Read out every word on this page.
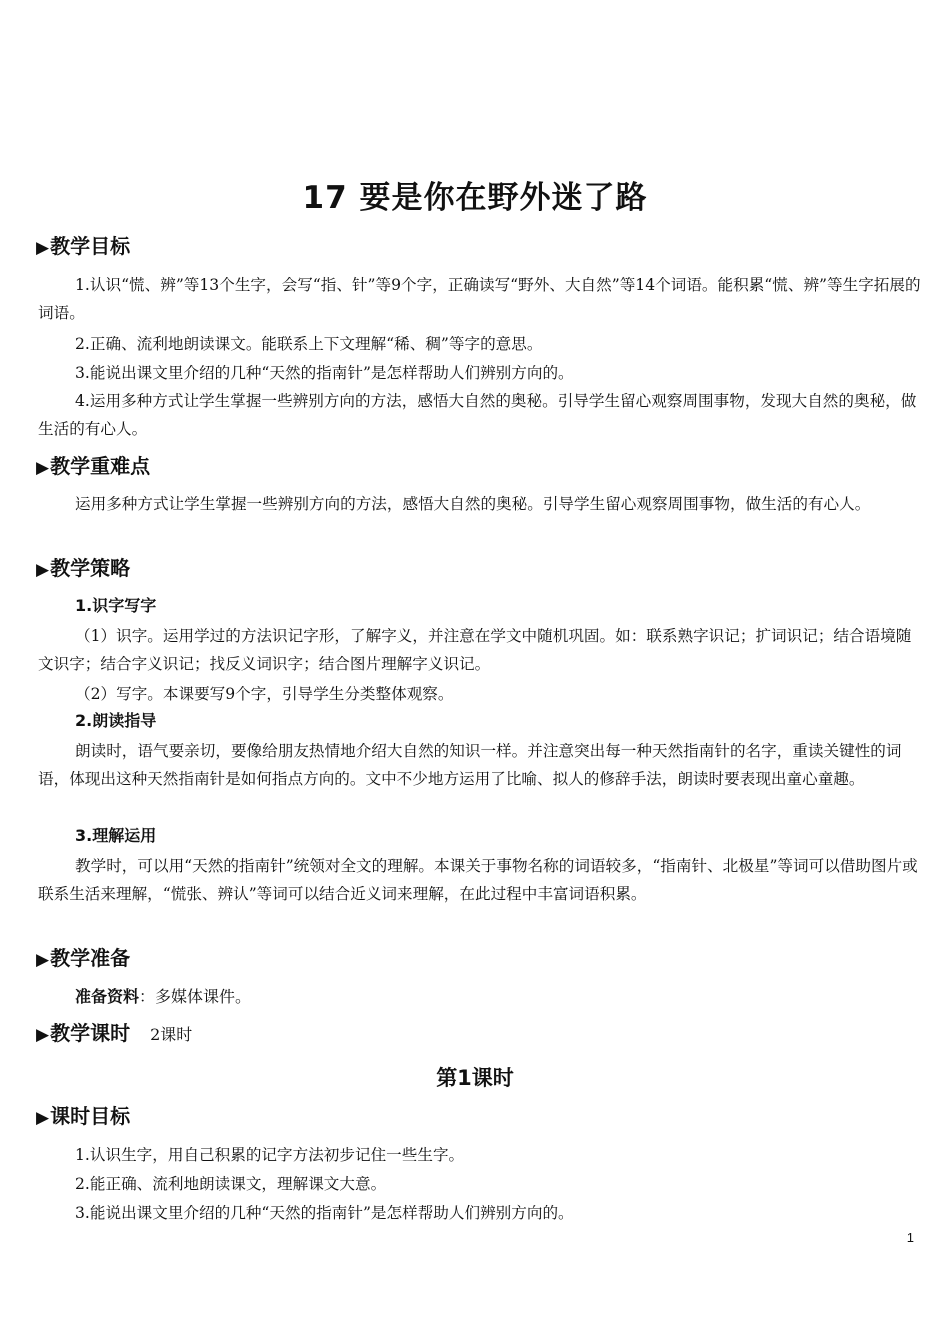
17 要是你在野外迷了路
▶教学目标

1.认识“慌、辨”等13个生字，会写“指、针”等9个字，正确读写“野外、大自然”等14个词语。能积累“慌、辨”等生字拓展的词语。

2.正确、流利地朗读课文。能联系上下文理解“稀、稠”等字的意思。

3.能说出课文里介绍的几种“天然的指南针”是怎样帮助人们辨别方向的。

4.运用多种方式让学生掌握一些辨别方向的方法，感悟大自然的奥秘。引导学生留心观察周围事物，发现大自然的奥秘，做生活的有心人。

▶教学重难点

运用多种方式让学生掌握一些辨别方向的方法，感悟大自然的奥秘。引导学生留心观察周围事物，做生活的有心人。

▶教学策略
1.识字写字

（1）识字。运用学过的方法识记字形，了解字义，并注意在学文中随机巩固。如：联系熟字识记；扩词识记；结合语境随文识字；结合字义识记；找反义词识字；结合图片理解字义识记。

（2）写字。本课要写9个字，引导学生分类整体观察。

2.朗读指导

朗读时，语气要亲切，要像给朋友热情地介绍大自然的知识一样。并注意突出每一种天然指南针的名字，重读关键性的词语，体现出这种天然指南针是如何指点方向的。文中不少地方运用了比喻、拟人的修辞手法，朗读时要表现出童心童趣。

3.理解运用

教学时，可以用“天然的指南针”统领对全文的理解。本课关于事物名称的词语较多，“指南针、北极星”等词可以借助图片或联系生活来理解，“慌张、辨认”等词可以结合近义词来理解，在此过程中丰富词语积累。

▶教学准备

准备资料：多媒体课件。

▶教学课时 2课时
第1课时
▶课时目标

1.认识生字，用自己积累的记字方法初步记住一些生字。

2.能正确、流利地朗读课文，理解课文大意。

3.能说出课文里介绍的几种“天然的指南针”是怎样帮助人们辨别方向的。

1
